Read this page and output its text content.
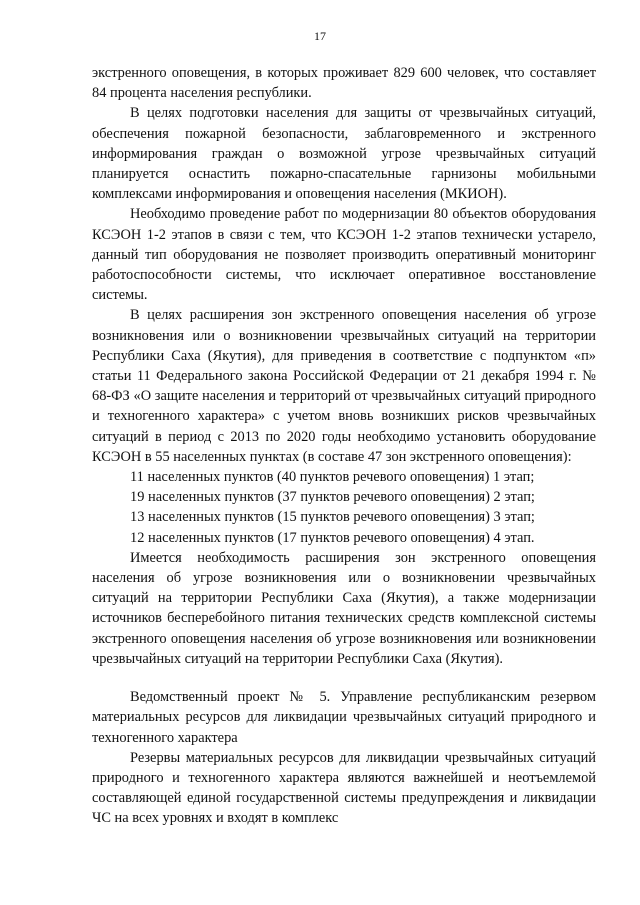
17

экстренного оповещения, в которых проживает 829 600 человек, что составляет 84 процента населения республики.

В целях подготовки населения для защиты от чрезвычайных ситуаций, обеспечения пожарной безопасности, заблаговременного и экстренного информирования граждан о возможной угрозе чрезвычайных ситуаций планируется оснастить пожарно-спасательные гарнизоны мобильными комплексами информирования и оповещения населения (МКИОН).

Необходимо проведение работ по модернизации 80 объектов оборудования КСЭОН 1-2 этапов в связи с тем, что КСЭОН 1-2 этапов технически устарело, данный тип оборудования не позволяет производить оперативный мониторинг работоспособности системы, что исключает оперативное восстановление системы.

В целях расширения зон экстренного оповещения населения об угрозе возникновения или о возникновении чрезвычайных ситуаций на территории Республики Саха (Якутия), для приведения в соответствие с подпунктом «п» статьи 11 Федерального закона Российской Федерации от 21 декабря 1994 г. № 68-ФЗ «О защите населения и территорий от чрезвычайных ситуаций природного и техногенного характера» с учетом вновь возникших рисков чрезвычайных ситуаций в период с 2013 по 2020 годы необходимо установить оборудование КСЭОН в 55 населенных пунктах (в составе 47 зон экстренного оповещения):

11 населенных пунктов (40 пунктов речевого оповещения) 1 этап;

19 населенных пунктов (37 пунктов речевого оповещения) 2 этап;

13 населенных пунктов (15 пунктов речевого оповещения) 3 этап;

12 населенных пунктов (17 пунктов речевого оповещения) 4 этап.

Имеется необходимость расширения зон экстренного оповещения населения об угрозе возникновения или о возникновении чрезвычайных ситуаций на территории Республики Саха (Якутия), а также модернизации источников бесперебойного питания технических средств комплексной системы экстренного оповещения населения об угрозе возникновения или возникновении чрезвычайных ситуаций на территории Республики Саха (Якутия).

Ведомственный проект № 5. Управление республиканским резервом материальных ресурсов для ликвидации чрезвычайных ситуаций природного и техногенного характера

Резервы материальных ресурсов для ликвидации чрезвычайных ситуаций природного и техногенного характера являются важнейшей и неотъемлемой составляющей единой государственной системы предупреждения и ликвидации ЧС на всех уровнях и входят в комплекс
